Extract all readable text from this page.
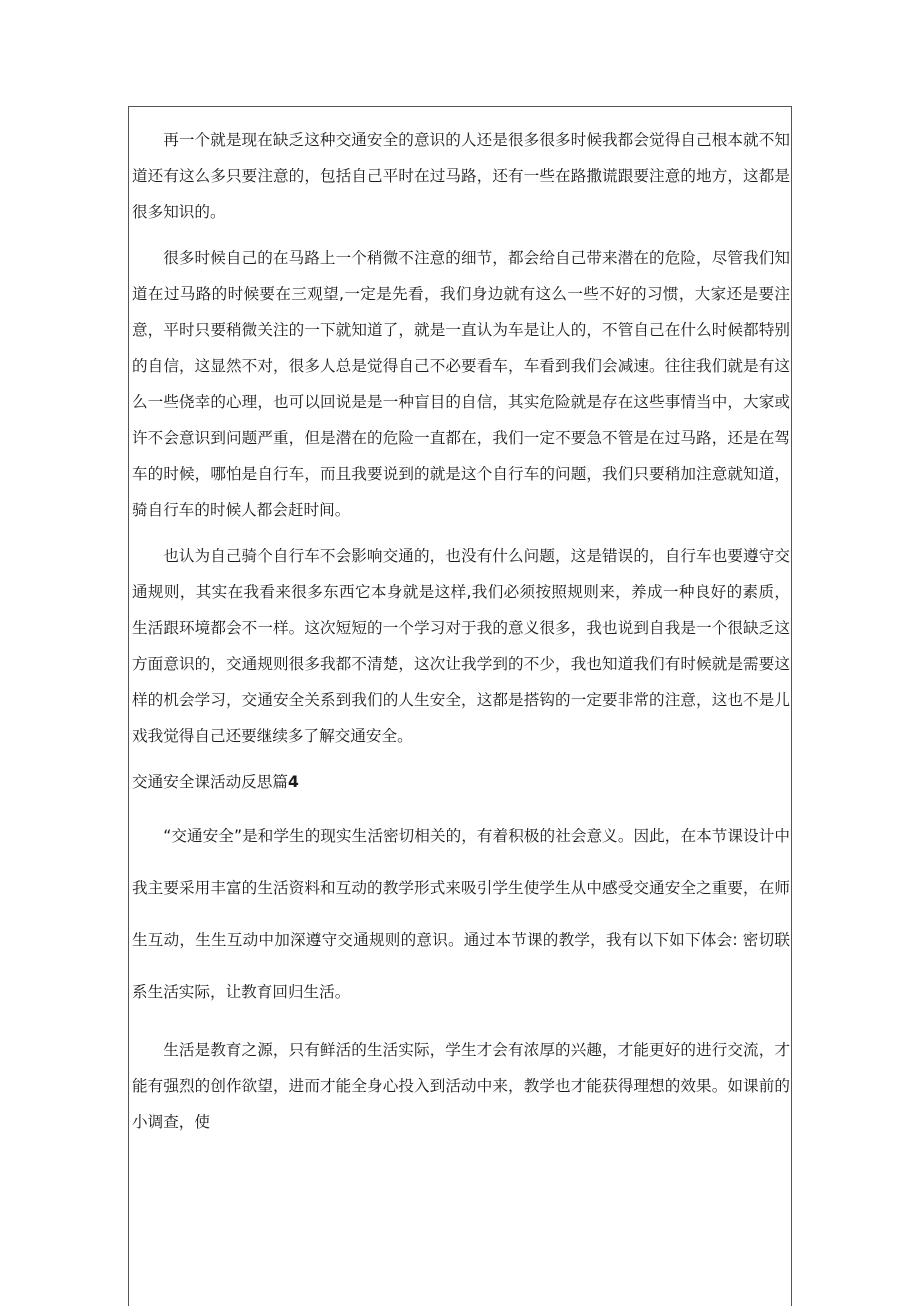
再一个就是现在缺乏这种交通安全的意识的人还是很多很多时候我都会觉得自己根本就不知道还有这么多只要注意的，包括自己平时在过马路，还有一些在路撒谎跟要注意的地方，这都是很多知识的。

很多时候自己的在马路上一个稍微不注意的细节，都会给自己带来潜在的危险，尽管我们知道在过马路的时候要在三观望,一定是先看，我们身边就有这么一些不好的习惯，大家还是要注意，平时只要稍微关注的一下就知道了，就是一直认为车是让人的，不管自己在什么时候都特别的自信，这显然不对，很多人总是觉得自己不必要看车，车看到我们会减速。往往我们就是有这么一些侥幸的心理，也可以回说是是一种盲目的自信，其实危险就是存在这些事情当中，大家或许不会意识到问题严重，但是潜在的危险一直都在，我们一定不要急不管是在过马路，还是在驾车的时候，哪怕是自行车，而且我要说到的就是这个自行车的问题，我们只要稍加注意就知道，骑自行车的时候人都会赶时间。

也认为自己骑个自行车不会影响交通的，也没有什么问题，这是错误的，自行车也要遵守交通规则，其实在我看来很多东西它本身就是这样,我们必须按照规则来，养成一种良好的素质，生活跟环境都会不一样。这次短短的一个学习对于我的意义很多，我也说到自我是一个很缺乏这方面意识的，交通规则很多我都不清楚，这次让我学到的不少，我也知道我们有时候就是需要这样的机会学习，交通安全关系到我们的人生安全，这都是搭钩的一定要非常的注意，这也不是儿戏我觉得自己还要继续多了解交通安全。

交通安全课活动反思篇4

“交通安全”是和学生的现实生活密切相关的，有着积极的社会意义。因此，在本节课设计中我主要采用丰富的生活资料和互动的教学形式来吸引学生使学生从中感受交通安全之重要，在师生互动，生生互动中加深遵守交通规则的意识。通过本节课的教学，我有以下如下体会: 密切联系生活实际，让教育回归生活。

生活是教育之源，只有鲜活的生活实际，学生才会有浓厚的兴趣，才能更好的进行交流，才能有强烈的创作欲望，进而才能全身心投入到活动中来，教学也才能获得理想的效果。如课前的小调查，使
